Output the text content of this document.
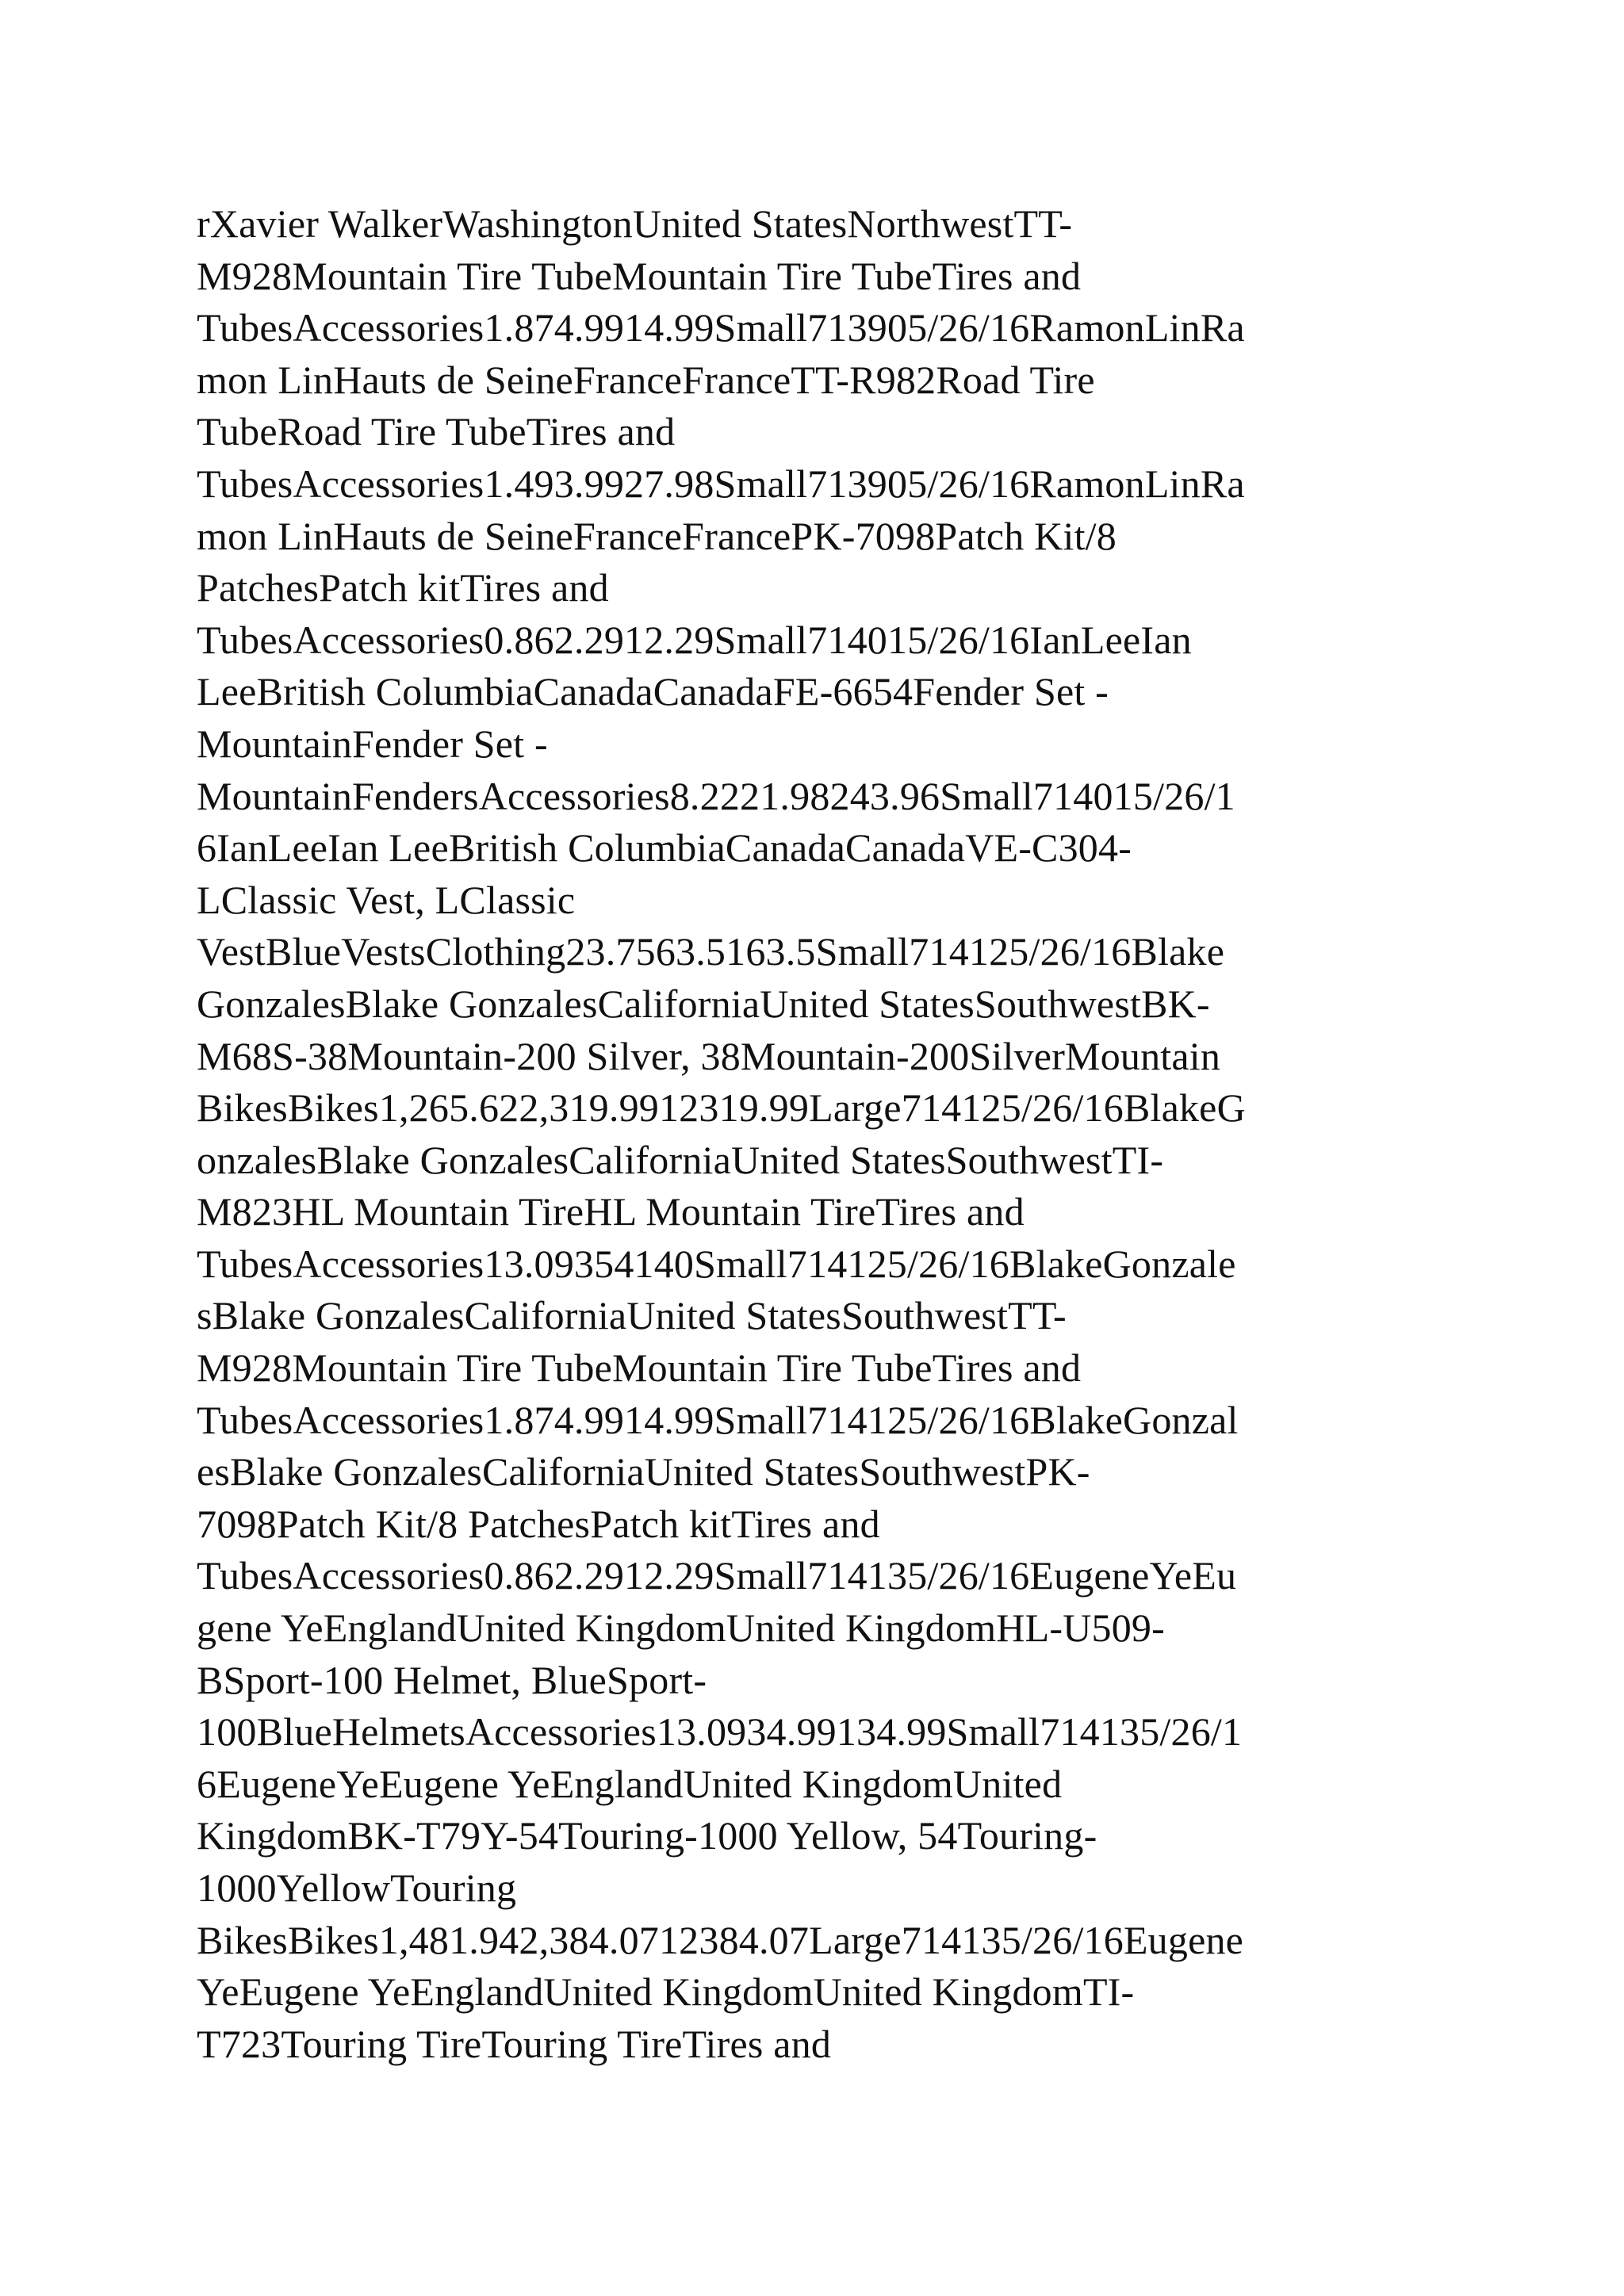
rXavier WalkerWashingtonUnited StatesNorthwestTT-
M928Mountain Tire TubeMountain Tire TubeTires and
TubesAccessories1.874.9914.99Small713905/26/16RamonLinRa
mon LinHauts de SeineFranceFranceTT-R982Road Tire
TubeRoad Tire TubeTires and
TubesAccessories1.493.9927.98Small713905/26/16RamonLinRa
mon LinHauts de SeineFranceFrancePK-7098Patch Kit/8
PatchesPatch kitTires and
TubesAccessories0.862.2912.29Small714015/26/16IanLeeIan
LeeBritish ColumbiaCanadaCanadaFE-6654Fender Set -
MountainFender Set -
MountainFendersAccessories8.2221.98243.96Small714015/26/1
6IanLeeIan LeeBritish ColumbiaCanadaCanadaVE-C304-
LClassic Vest, LClassic
VestBlueVestsClothing23.7563.5163.5Small714125/26/16Blake
GonzalesBlake GonzalesCaliforniaUnited StatesSouthwestBK-
M68S-38Mountain-200 Silver, 38Mountain-200SilverMountain
BikesBikes1,265.622,319.9912319.99Large714125/26/16BlakeG
onzalesBlake GonzalesCaliforniaUnited StatesSouthwestTI-
M823HL Mountain TireHL Mountain TireTires and
TubesAccessories13.09354140Small714125/26/16BlakeGonzale
sBlake GonzalesCaliforniaUnited StatesSouthwestTT-
M928Mountain Tire TubeMountain Tire TubeTires and
TubesAccessories1.874.9914.99Small714125/26/16BlakeGonzal
esBlake GonzalesCaliforniaUnited StatesSouthwestPK-
7098Patch Kit/8 PatchesPatch kitTires and
TubesAccessories0.862.2912.29Small714135/26/16EugeneYeEu
gene YeEnglandUnited KingdomUnited KingdomHL-U509-
BSport-100 Helmet, BlueSport-
100BlueHelmetsAccessories13.0934.99134.99Small714135/26/1
6EugeneYeEugene YeEnglandUnited KingdomUnited
KingdomBK-T79Y-54Touring-1000 Yellow, 54Touring-
1000YellowTouring
BikesBikes1,481.942,384.0712384.07Large714135/26/16Eugene
YeEugene YeEnglandUnited KingdomUnited KingdomTI-
T723Touring TireTouring TireTires and
